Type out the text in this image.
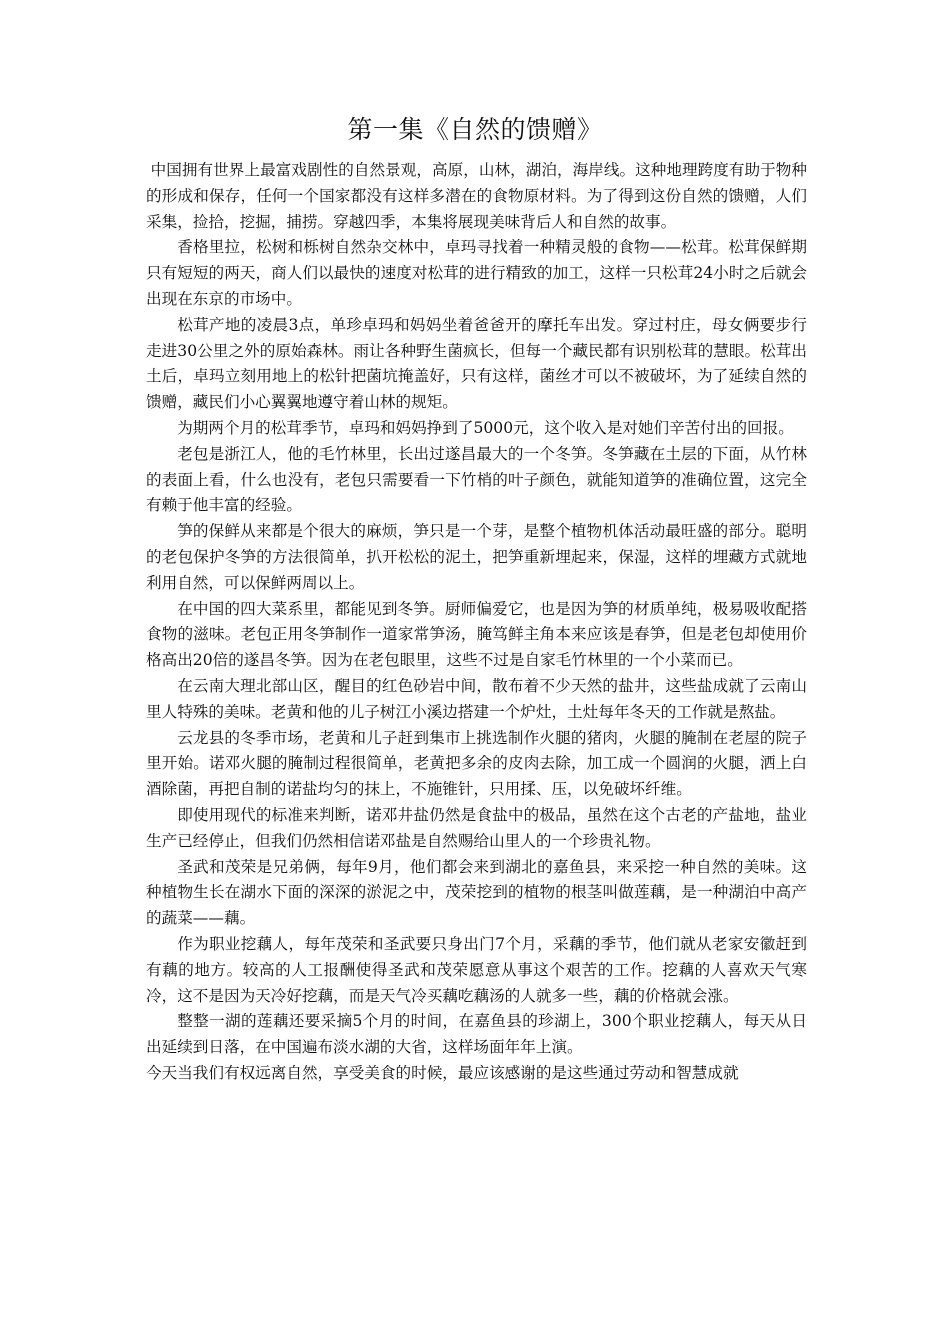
第一集《自然的馈赠》

中国拥有世界上最富戏剧性的自然景观，高原，山林，湖泊，海岸线。这种地理跨度有助于物种的形成和保存，任何一个国家都没有这样多潜在的食物原材料。为了得到这份自然的馈赠，人们采集，捡拾，挖掘，捕捞。穿越四季，本集将展现美味背后人和自然的故事。

香格里拉，松树和栎树自然杂交林中，卓玛寻找着一种精灵般的食物——松茸。松茸保鲜期只有短短的两天，商人们以最快的速度对松茸的进行精致的加工，这样一只松茸24小时之后就会出现在东京的市场中。

松茸产地的凌晨3点，单珍卓玛和妈妈坐着爸爸开的摩托车出发。穿过村庄，母女俩要步行走进30公里之外的原始森林。雨让各种野生菌疯长，但每一个藏民都有识别松茸的慧眼。松茸出土后，卓玛立刻用地上的松针把菌坑掩盖好，只有这样，菌丝才可以不被破坏，为了延续自然的馈赠，藏民们小心翼翼地遵守着山林的规矩。

为期两个月的松茸季节，卓玛和妈妈挣到了5000元，这个收入是对她们辛苦付出的回报。

老包是浙江人，他的毛竹林里，长出过遂昌最大的一个冬笋。冬笋藏在土层的下面，从竹林的表面上看，什么也没有，老包只需要看一下竹梢的叶子颜色，就能知道笋的准确位置，这完全有赖于他丰富的经验。

笋的保鲜从来都是个很大的麻烦，笋只是一个芽，是整个植物机体活动最旺盛的部分。聪明的老包保护冬笋的方法很简单，扒开松松的泥土，把笋重新埋起来，保湿，这样的埋藏方式就地利用自然，可以保鲜两周以上。

在中国的四大菜系里，都能见到冬笋。厨师偏爱它，也是因为笋的材质单纯，极易吸收配搭食物的滋味。老包正用冬笋制作一道家常笋汤，腌笃鲜主角本来应该是春笋，但是老包却使用价格高出20倍的遂昌冬笋。因为在老包眼里，这些不过是自家毛竹林里的一个小菜而已。

在云南大理北部山区，醒目的红色砂岩中间，散布着不少天然的盐井，这些盐成就了云南山里人特殊的美味。老黄和他的儿子树江小溪边搭建一个炉灶，土灶每年冬天的工作就是熬盐。

云龙县的冬季市场，老黄和儿子赶到集市上挑选制作火腿的猪肉，火腿的腌制在老屋的院子里开始。诺邓火腿的腌制过程很简单，老黄把多余的皮肉去除，加工成一个圆润的火腿，洒上白酒除菌，再把自制的诺盐均匀的抹上，不施锥针，只用揉、压，以免破坏纤维。

即使用现代的标准来判断，诺邓井盐仍然是食盐中的极品，虽然在这个古老的产盐地，盐业生产已经停止，但我们仍然相信诺邓盐是自然赐给山里人的一个珍贵礼物。

圣武和茂荣是兄弟俩，每年9月，他们都会来到湖北的嘉鱼县，来采挖一种自然的美味。这种植物生长在湖水下面的深深的淤泥之中，茂荣挖到的植物的根茎叫做莲藕，是一种湖泊中高产的蔬菜——藕。

作为职业挖藕人，每年茂荣和圣武要只身出门7个月，采藕的季节，他们就从老家安徽赶到有藕的地方。较高的人工报酬使得圣武和茂荣愿意从事这个艰苦的工作。挖藕的人喜欢天气寒冷，这不是因为天冷好挖藕，而是天气冷买藕吃藕汤的人就多一些，藕的价格就会涨。

整整一湖的莲藕还要采摘5个月的时间，在嘉鱼县的珍湖上，300个职业挖藕人，每天从日出延续到日落，在中国遍布淡水湖的大省，这样场面年年上演。

今天当我们有权远离自然，享受美食的时候，最应该感谢的是这些通过劳动和智慧成就
